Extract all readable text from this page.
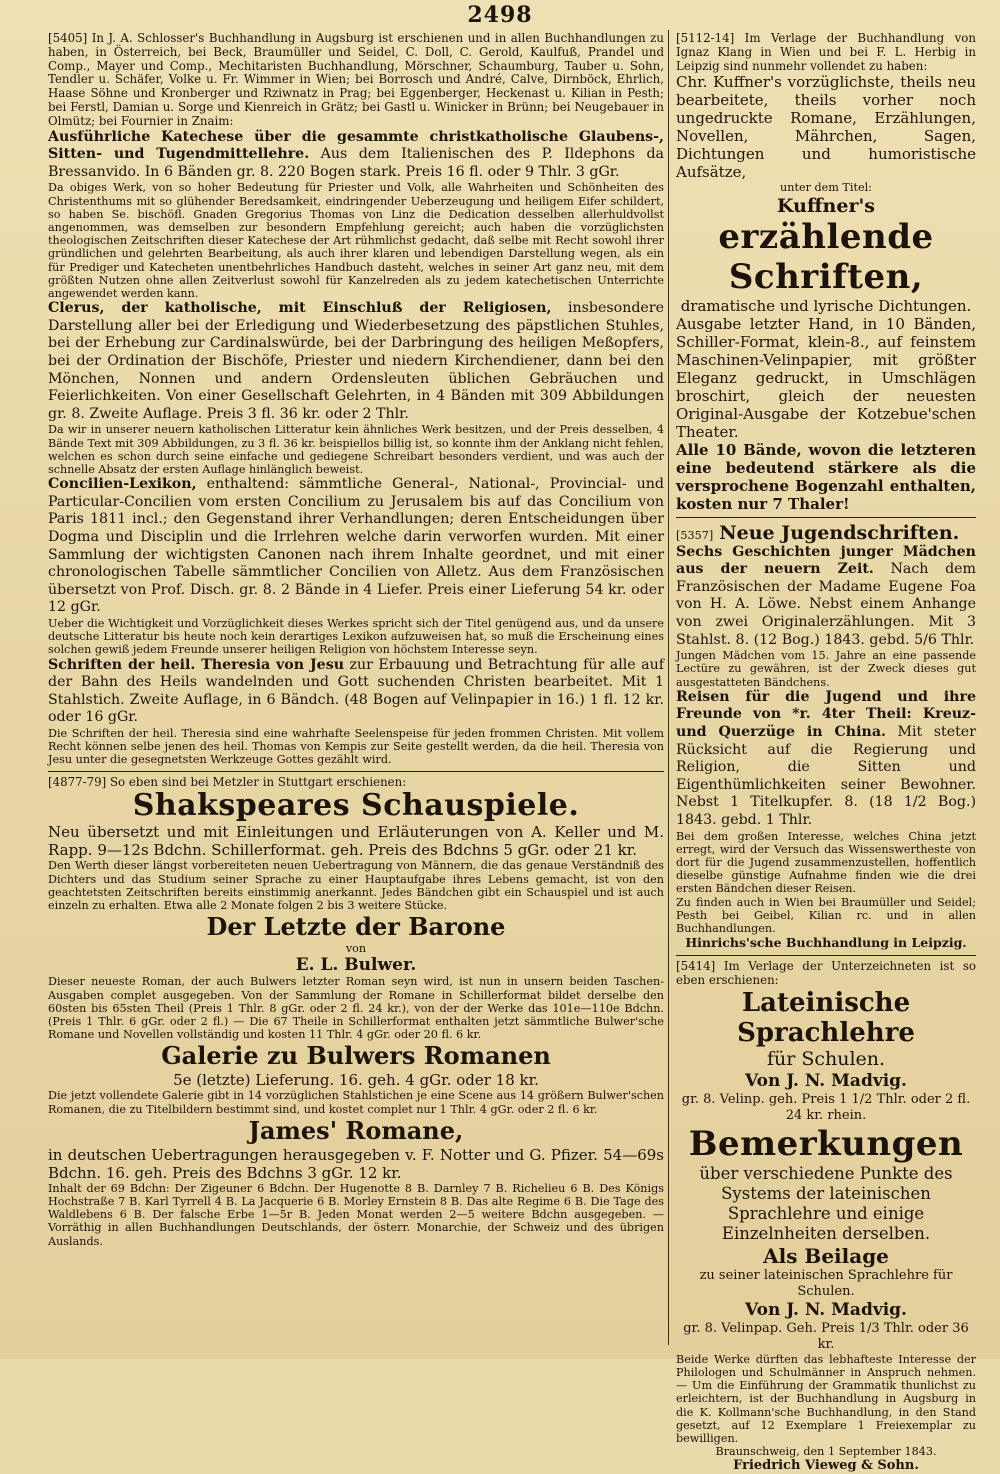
2498

[5405] In J. A. Schlosser's Buchhandlung in Augsburg ist erschienen und in allen Buchhandlungen zu haben, in Österreich, bei Beck, Braumüller und Seidel, C. Doll, C. Gerold, Kaulfuß, Prandel und Comp., Mayer und Comp., Mechitaristen Buchhandlung, Mörschner, Schaumburg, Tauber u. Sohn, Tendler u. Schäfer, Volke u. Fr. Wimmer in Wien; bei Borrosch und André, Calve, Dirnböck, Ehrlich, Haase Söhne und Kronberger und Rziwnatz in Prag; bei Eggenberger, Heckenast u. Kilian in Pesth; bei Ferstl, Damian u. Sorge und Kienreich in Grätz; bei Gastl u. Winicker in Brünn; bei Neugebauer in Olmütz; bei Fournier in Znaim:

Ausführliche Katechese über die gesammte christkatholische Glaubens-, Sitten- und Tugendmittellehre. Aus dem Italienischen des P. Ildephons da Bressanvido. In 6 Bänden gr. 8. 220 Bogen stark. Preis 16 fl. oder 9 Thlr. 3 gGr.

Da obiges Werk, von so hoher Bedeutung für Priester und Volk, alle Wahrheiten und Schönheiten des Christenthums mit so glühender Beredsamkeit, eindringender Ueberzeugung und heiligem Eifer schildert, so haben Se. bischöfl. Gnaden Gregorius Thomas von Linz die Dedication desselben allerhuldvollst angenommen, was demselben zur besondern Empfehlung gereicht; auch haben die vorzüglichsten theologischen Zeitschriften dieser Katechese der Art rühmlichst gedacht, daß selbe mit Recht sowohl ihrer gründlichen und gelehrten Bearbeitung, als auch ihrer klaren und lebendigen Darstellung wegen, als ein für Prediger und Katecheten unentbehrliches Handbuch dasteht, welches in seiner Art ganz neu, mit dem größten Nutzen ohne allen Zeitverlust sowohl für Kanzelreden als zu jedem katechetischen Unterrichte angewendet werden kann.

Clerus, der katholische, mit Einschluß der Religiosen, insbesondere Darstellung aller bei der Erledigung und Wiederbesetzung des päpstlichen Stuhles, bei der Erhebung zur Cardinalswürde, bei der Darbringung des heiligen Meßopfers, bei der Ordination der Bischöfe, Priester und niedern Kirchendiener, dann bei den Mönchen, Nonnen und andern Ordensleuten üblichen Gebräuchen und Feierlichkeiten. Von einer Gesellschaft Gelehrten, in 4 Bänden mit 309 Abbildungen gr. 8. Zweite Auflage. Preis 3 fl. 36 kr. oder 2 Thlr.

Da wir in unserer neuern katholischen Litteratur kein ähnliches Werk besitzen, und der Preis desselben, 4 Bände Text mit 309 Abbildungen, zu 3 fl. 36 kr. beispiellos billig ist, so konnte ihm der Anklang nicht fehlen, welchen es schon durch seine einfache und gediegene Schreibart besonders verdient, und was auch der schnelle Absatz der ersten Auflage hinlänglich beweist.

Concilien-Lexikon, enthaltend: sämmtliche General-, National-, Provincial- und Particular-Concilien vom ersten Concilium zu Jerusalem bis auf das Concilium von Paris 1811 incl.; den Gegenstand ihrer Verhandlungen; deren Entscheidungen über Dogma und Disciplin und die Irrlehren welche darin verworfen wurden. Mit einer Sammlung der wichtigsten Canonen nach ihrem Inhalte geordnet, und mit einer chronologischen Tabelle sämmtlicher Concilien von Alletz. Aus dem Französischen übersetzt von Prof. Disch. gr. 8. 2 Bände in 4 Liefer. Preis einer Lieferung 54 kr. oder 12 gGr.

Ueber die Wichtigkeit und Vorzüglichkeit dieses Werkes spricht sich der Titel genügend aus, und da unsere deutsche Litteratur bis heute noch kein derartiges Lexikon aufzuweisen hat, so muß die Erscheinung eines solchen gewiß jedem Freunde unserer heiligen Religion von höchstem Interesse seyn.

Schriften der heil. Theresia von Jesu zur Erbauung und Betrachtung für alle auf der Bahn des Heils wandelnden und Gott suchenden Christen bearbeitet. Mit 1 Stahlstich. Zweite Auflage, in 6 Bändch. (48 Bogen auf Velinpapier in 16.) 1 fl. 12 kr. oder 16 gGr.

Die Schriften der heil. Theresia sind eine wahrhafte Seelenspeise für jeden frommen Christen. Mit vollem Recht können selbe jenen des heil. Thomas von Kempis zur Seite gestellt werden, da die heil. Theresia von Jesu unter die gesegnetsten Werkzeuge Gottes gezählt wird.

[4877-79] So eben sind bei Metzler in Stuttgart erschienen:

Shakspeares Schauspiele.

Neu übersetzt und mit Einleitungen und Erläuterungen von A. Keller und M. Rapp. 9—12s Bdchn. Schillerformat. geh. Preis des Bdchns 5 gGr. oder 21 kr.

Den Werth dieser längst vorbereiteten neuen Uebertragung von Männern, die das genaue Verständniß des Dichters und das Studium seiner Sprache zu einer Hauptaufgabe ihres Lebens gemacht, ist von den geachtetsten Zeitschriften bereits einstimmig anerkannt. Jedes Bändchen gibt ein Schauspiel und ist auch einzeln zu erhalten. Etwa alle 2 Monate folgen 2 bis 3 weitere Stücke.

Der Letzte der Barone
von
E. L. Bulwer.

Dieser neueste Roman, der auch Bulwers letzter Roman seyn wird, ist nun in unsern beiden Taschen-Ausgaben complet ausgegeben. Von der Sammlung der Romane in Schillerformat bildet derselbe den 60sten bis 65sten Theil (Preis 1 Thlr. 8 gGr. oder 2 fl. 24 kr.), von der der Werke das 101e—110e Bdchn. (Preis 1 Thlr. 6 gGr. oder 2 fl.) — Die 67 Theile in Schillerformat enthalten jetzt sämmtliche Bulwer'sche Romane und Novellen vollständig und kosten 11 Thlr. 4 gGr. oder 20 fl. 6 kr.

Galerie zu Bulwers Romanen
5e (letzte) Lieferung. 16. geh. 4 gGr. oder 18 kr.

Die jetzt vollendete Galerie gibt in 14 vorzüglichen Stahlstichen je eine Scene aus 14 größern Bulwer'schen Romanen, die zu Titelbildern bestimmt sind, und kostet complet nur 1 Thlr. 4 gGr. oder 2 fl. 6 kr.

James' Romane,

in deutschen Uebertragungen herausgegeben v. F. Notter und G. Pfizer. 54—69s Bdchn. 16. geh. Preis des Bdchns 3 gGr. 12 kr.

Inhalt der 69 Bdchn: Der Zigeuner 6 Bdchn. Der Hugenotte 8 B. Darnley 7 B. Richelieu 6 B. Des Königs Hochstraße 7 B. Karl Tyrrell 4 B. La Jacquerie 6 B. Morley Ernstein 8 B. Das alte Regime 6 B. Die Tage des Waldlebens 6 B. Der falsche Erbe 1—5r B. Jeden Monat werden 2—5 weitere Bdchn ausgegeben. — Vorräthig in allen Buchhandlungen Deutschlands, der österr. Monarchie, der Schweiz und des übrigen Auslands.

[5112-14] Im Verlage der Buchhandlung von Ignaz Klang in Wien und bei F. L. Herbig in Leipzig sind nunmehr vollendet zu haben:

Chr. Kuffner's vorzüglichste, theils neu bearbeitete, theils vorher noch ungedruckte Romane, Erzählungen, Novellen, Mährchen, Sagen, Dichtungen und humoristische Aufsätze,

unter dem Titel:
Kuffner's
erzählende Schriften,
dramatische und lyrische Dichtungen.

Ausgabe letzter Hand, in 10 Bänden, Schiller-Format, klein-8., auf feinstem Maschinen-Velinpapier, mit größter Eleganz gedruckt, in Umschlägen broschirt, gleich der neuesten Original-Ausgabe der Kotzebue'schen Theater.

Alle 10 Bände, wovon die letzteren eine bedeutend stärkere als die versprochene Bogenzahl enthalten, kosten nur 7 Thaler!

[5357] Neue Jugendschriften.

Sechs Geschichten junger Mädchen aus der neuern Zeit. Nach dem Französischen der Madame Eugene Foa von H. A. Löwe. Nebst einem Anhange von zwei Originalerzählungen. Mit 3 Stahlst. 8. (12 Bog.) 1843. gebd. 5/6 Thlr.

Jungen Mädchen vom 15. Jahre an eine passende Lectüre zu gewähren, ist der Zweck dieses gut ausgestatteten Bändchens.

Reisen für die Jugend und ihre Freunde von *r. 4ter Theil: Kreuz- und Querzüge in China. Mit steter Rücksicht auf die Regierung und Religion, die Sitten und Eigenthümlichkeiten seiner Bewohner. Nebst 1 Titelkupfer. 8. (18 1/2 Bog.) 1843. gebd. 1 Thlr.

Bei dem großen Interesse, welches China jetzt erregt, wird der Versuch das Wissenswertheste von dort für die Jugend zusammenzustellen, hoffentlich dieselbe günstige Aufnahme finden wie die drei ersten Bändchen dieser Reisen.

Zu finden auch in Wien bei Braumüller und Seidel; Pesth bei Geibel, Kilian rc. und in allen Buchhandlungen.

Hinrichs'sche Buchhandlung in Leipzig.

[5414] Im Verlage der Unterzeichneten ist so eben erschienen:

Lateinische Sprachlehre
für Schulen.
Von J. N. Madvig.
gr. 8. Velinp. geh. Preis 1 1/2 Thlr. oder 2 fl. 24 kr. rhein.
Bemerkungen
über verschiedene Punkte des Systems der lateinischen Sprachlehre und einige Einzelnheiten derselben.
Als Beilage
zu seiner lateinischen Sprachlehre für Schulen.
Von J. N. Madvig.
gr. 8. Velinpap. Geh. Preis 1/3 Thlr. oder 36 kr.

Beide Werke dürften das lebhafteste Interesse der Philologen und Schulmänner in Anspruch nehmen. — Um die Einführung der Grammatik thunlichst zu erleichtern, ist der Buchhandlung in Augsburg in die K. Kollmann'sche Buchhandlung, in den Stand gesetzt, auf 12 Exemplare 1 Freiexemplar zu bewilligen.

Braunschweig, den 1 September 1843.
Friedrich Vieweg & Sohn.
